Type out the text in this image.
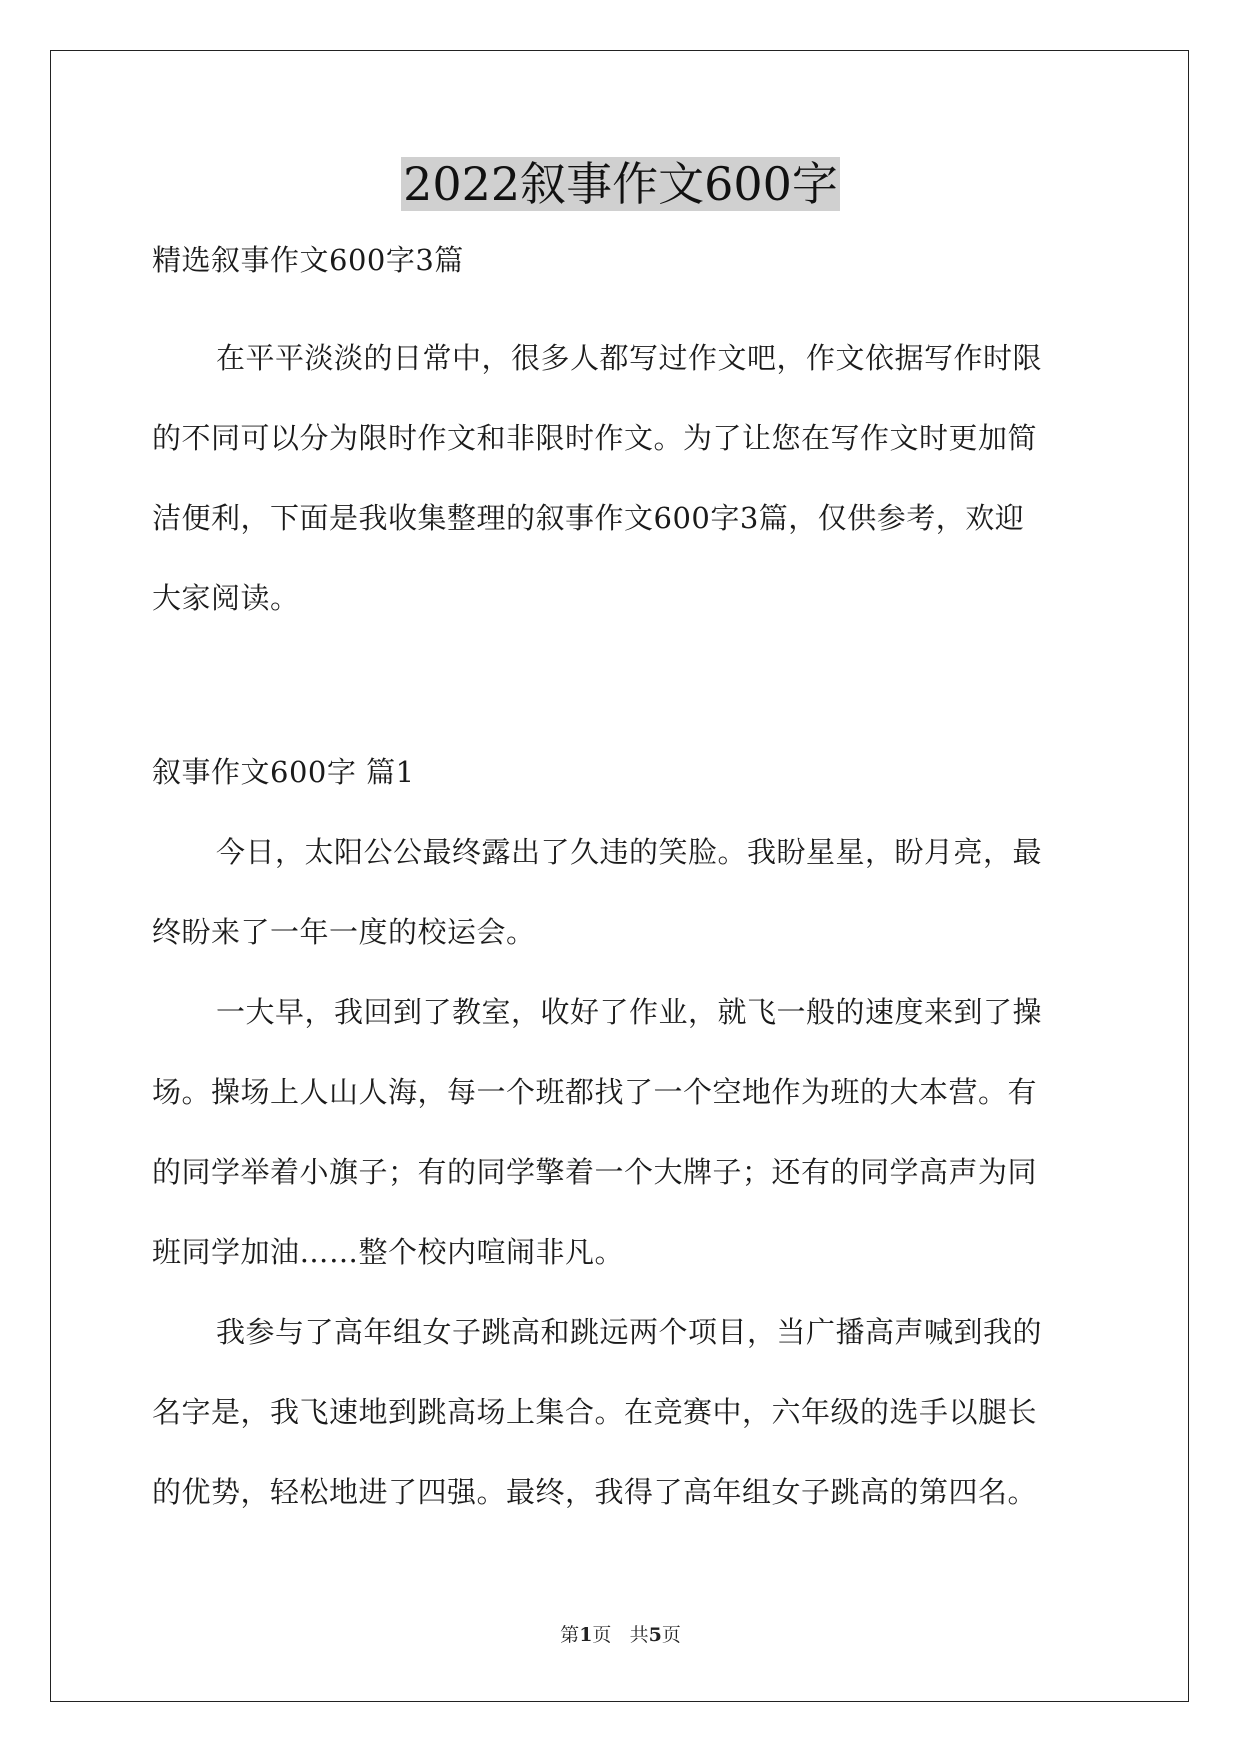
2022叙事作文600字
精选叙事作文600字3篇
在平平淡淡的日常中，很多人都写过作文吧，作文依据写作时限
的不同可以分为限时作文和非限时作文。为了让您在写作文时更加简
洁便利，下面是我收集整理的叙事作文600字3篇，仅供参考，欢迎
大家阅读。
叙事作文600字 篇1
今日，太阳公公最终露出了久违的笑脸。我盼星星，盼月亮，最
终盼来了一年一度的校运会。
一大早，我回到了教室，收好了作业，就飞一般的速度来到了操
场。操场上人山人海，每一个班都找了一个空地作为班的大本营。有
的同学举着小旗子；有的同学擎着一个大牌子；还有的同学高声为同
班同学加油……整个校内喧闹非凡。
我参与了高年组女子跳高和跳远两个项目，当广播高声喊到我的
名字是，我飞速地到跳高场上集合。在竞赛中，六年级的选手以腿长
的优势，轻松地进了四强。最终，我得了高年组女子跳高的第四名。
第1页 共5页
